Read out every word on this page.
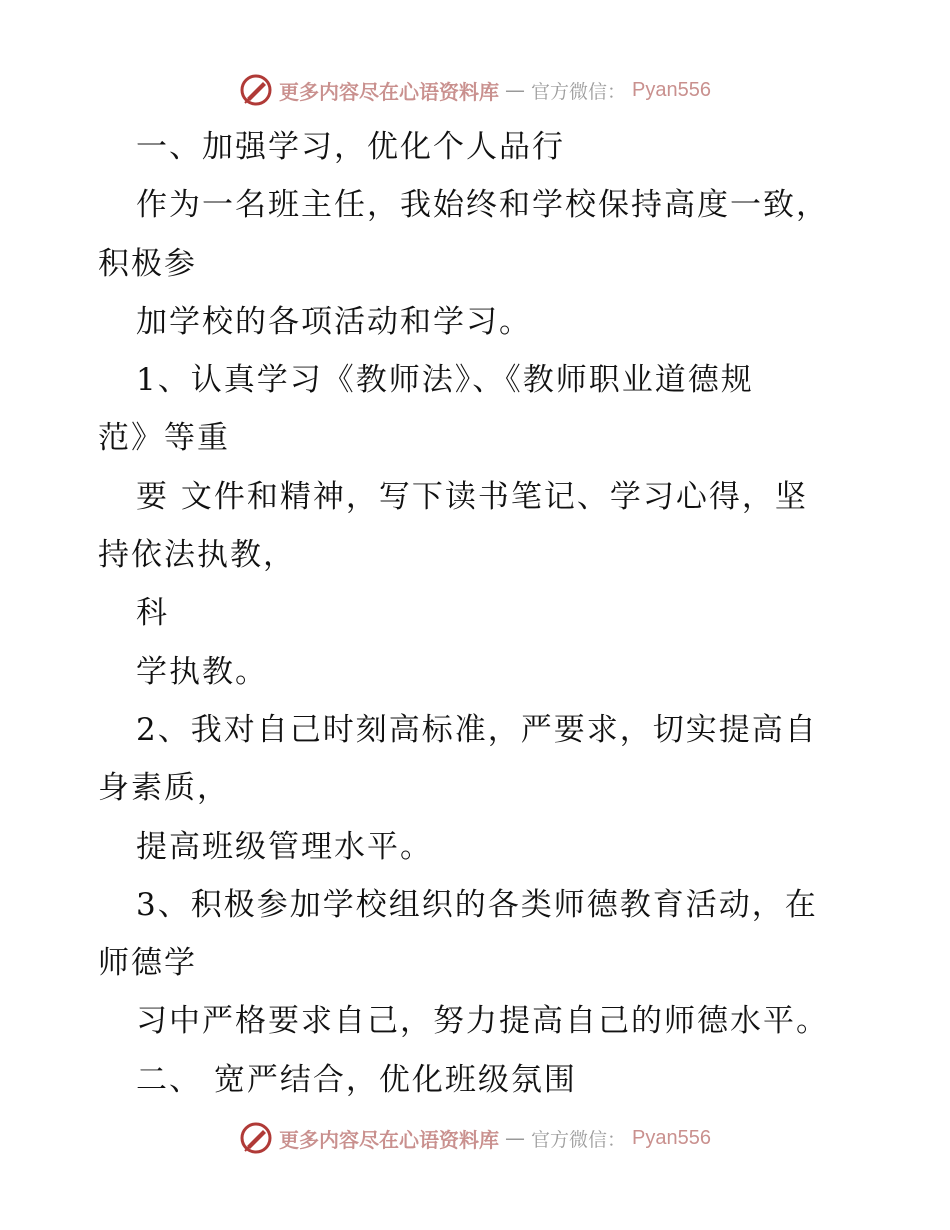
更多内容尽在心语资料库 — 官方微信： Pyan556
一、加强学习，优化个人品行
作为一名班主任，我始终和学校保持高度一致，
积极参
加学校的各项活动和学习。
1、认真学习《教师法》、《教师职业道德规
范》等重
要 文件和精神，写下读书笔记、学习心得，坚
持依法执教，
科
学执教。
2、我对自己时刻高标准，严要求，切实提高自
身素质，
提高班级管理水平。
3、积极参加学校组织的各类师德教育活动，在
师德学
习中严格要求自己，努力提高自己的师德水平。
二、 宽严结合，优化班级氛围
更多内容尽在心语资料库 — 官方微信： Pyan556
